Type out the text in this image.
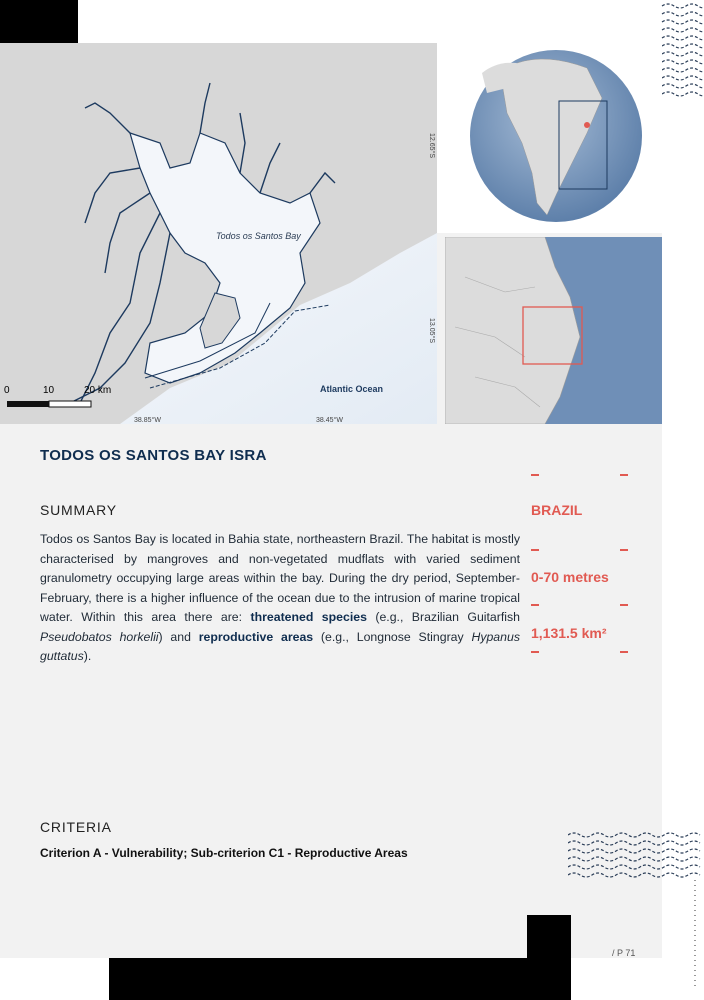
Todos os Santos Bay
Atlantic Ocean
0	10	20 km
38.85°W	38.45°W
12.65°S
13.05°S
TODOS OS SANTOS BAY ISRA
SUMMARY
Todos os Santos Bay is located in Bahia state, northeastern Brazil. The habitat is mostly characterised by mangroves and non-vegetated mudflats with varied sediment granulometry occupying large areas within the bay. During the dry period, September-February, there is a higher influence of the ocean due to the intrusion of marine tropical water. Within this area there are: threatened species (e.g., Brazilian Guitarfish Pseudobatos horkelii) and reproductive areas (e.g., Longnose Stingray Hypanus guttatus).
BRAZIL
0-70 metres
1,131.5 km²
CRITERIA
Criterion A - Vulnerability; Sub-criterion C1 - Reproductive Areas
/ P 71
